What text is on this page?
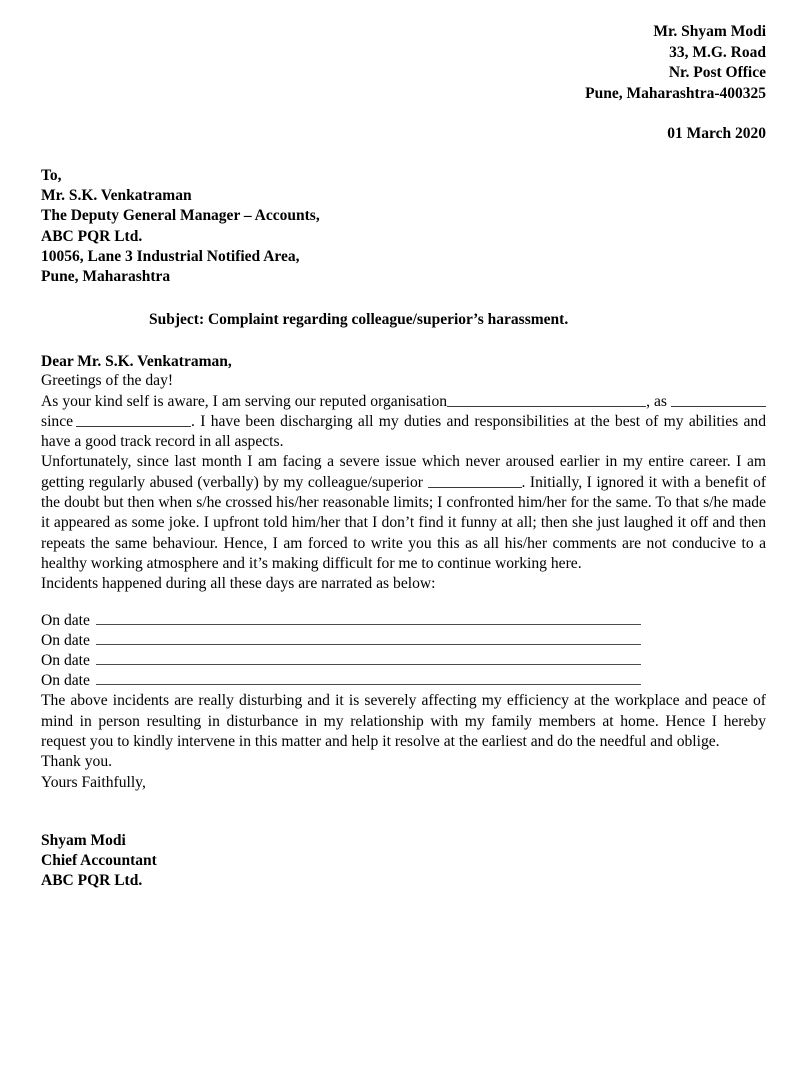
Mr. Shyam Modi
33, M.G. Road
Nr. Post Office
Pune, Maharashtra-400325
01 March 2020
To,
Mr. S.K. Venkatraman
The Deputy General Manager – Accounts,
ABC PQR Ltd.
10056, Lane 3 Industrial Notified Area,
Pune, Maharashtra
Subject: Complaint regarding colleague/superior’s harassment.
Dear Mr. S.K. Venkatraman,

Greetings of the day!

As your kind self is aware, I am serving our reputed organisation	, as  since	. I have been discharging all my duties and responsibilities at the best of my abilities and have a good track record in all aspects.

Unfortunately, since last month I am facing a severe issue which never aroused earlier in my entire career. I am getting regularly abused (verbally) by my colleague/superior	. Initially, I ignored it with a benefit of the doubt but then when s/he crossed his/her reasonable limits; I confronted him/her for the same. To that s/he made it appeared as some joke. I upfront told him/her that I don’t find it funny at all; then she just laughed it off and then repeats the same behaviour. Hence, I am forced to write you this as all his/her comments are not conducive to a healthy working atmosphere and it’s making difficult for me to continue working here.

Incidents happened during all these days are narrated as below:

On date
On date
On date
On date

The above incidents are really disturbing and it is severely affecting my efficiency at the workplace and peace of mind in person resulting in disturbance in my relationship with my family members at home. Hence I hereby request you to kindly intervene in this matter and help it resolve at the earliest and do the needful and oblige.

Thank you.

Yours Faithfully,

Shyam Modi
Chief Accountant
ABC PQR Ltd.
